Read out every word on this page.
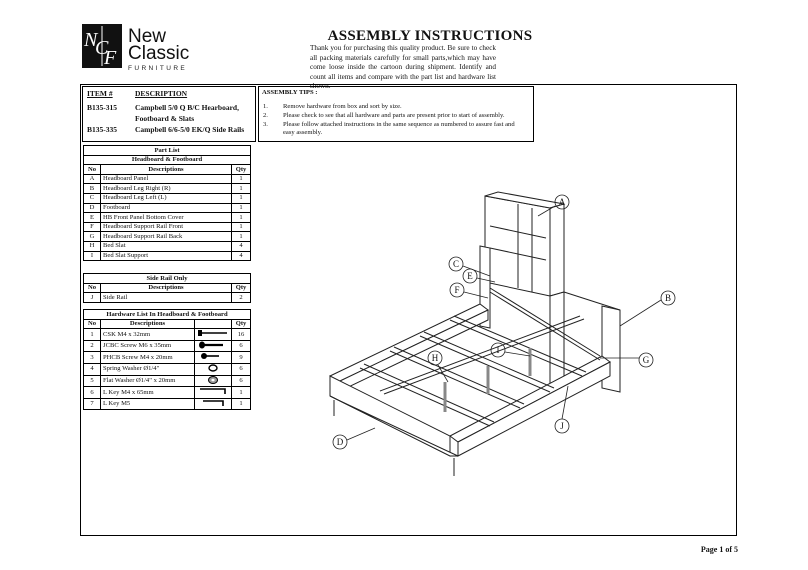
N
C
F
New
Classic
FURNITURE
ASSEMBLY INSTRUCTIONS
Thank you for purchasing this quality product. Be sure to check all packing materials carefully for small parts,which may have come loose inside the cartoon during shipment. Identify and count all items and compare with the part list and hardware list shown.
ITEM #	DESCRIPTION
B135-315 Campbell 5/0 Q B/C Hearboard,
Footboard & Slats
B135-335 Campbell 6/6-5/0 EK/Q Side Rails
ASSEMBLY TIPS :
1. Remove hardware from box and sort by size.
2. Please check to see that all hardware and parts are present prior to start of assembly.
3. Please follow attached instructions in the same sequence as numbered to assure fast and easy assembly.
Part List		
Headboard & Footboard		
No	Descriptions	Qty
A	Headboard Panel	1
B	Headboard Leg Right (R)	1
C	Headboard Leg Left (L)	1
D	Footboard	1
E	HB Front Panel Bottom Cover	1
F	Headboard Support Rail Front	1
G	Headboard Support Rail Back	1
H	Bed Slat	4
I	Bed Slat Support	4
Side Rail Only		
No	Descriptions	Qty
J	Side Rail	2
Hardware List In Headboard & Footboard			
No	Descriptions		Qty
1	CSK M4 x 32mm		16
2	JCBC Screw M6 x 35mm		6
3	PHCB Screw M4 x 20mm		9
4	Spring Washer Ø1/4"		6
5	Flat Washer Ø1/4" x 20mm		6
6	L Key M4 x 65mm		1
7	L Key M5		1
A
B
C
D
E
F
G
H
I
J
Page 1 of 5
